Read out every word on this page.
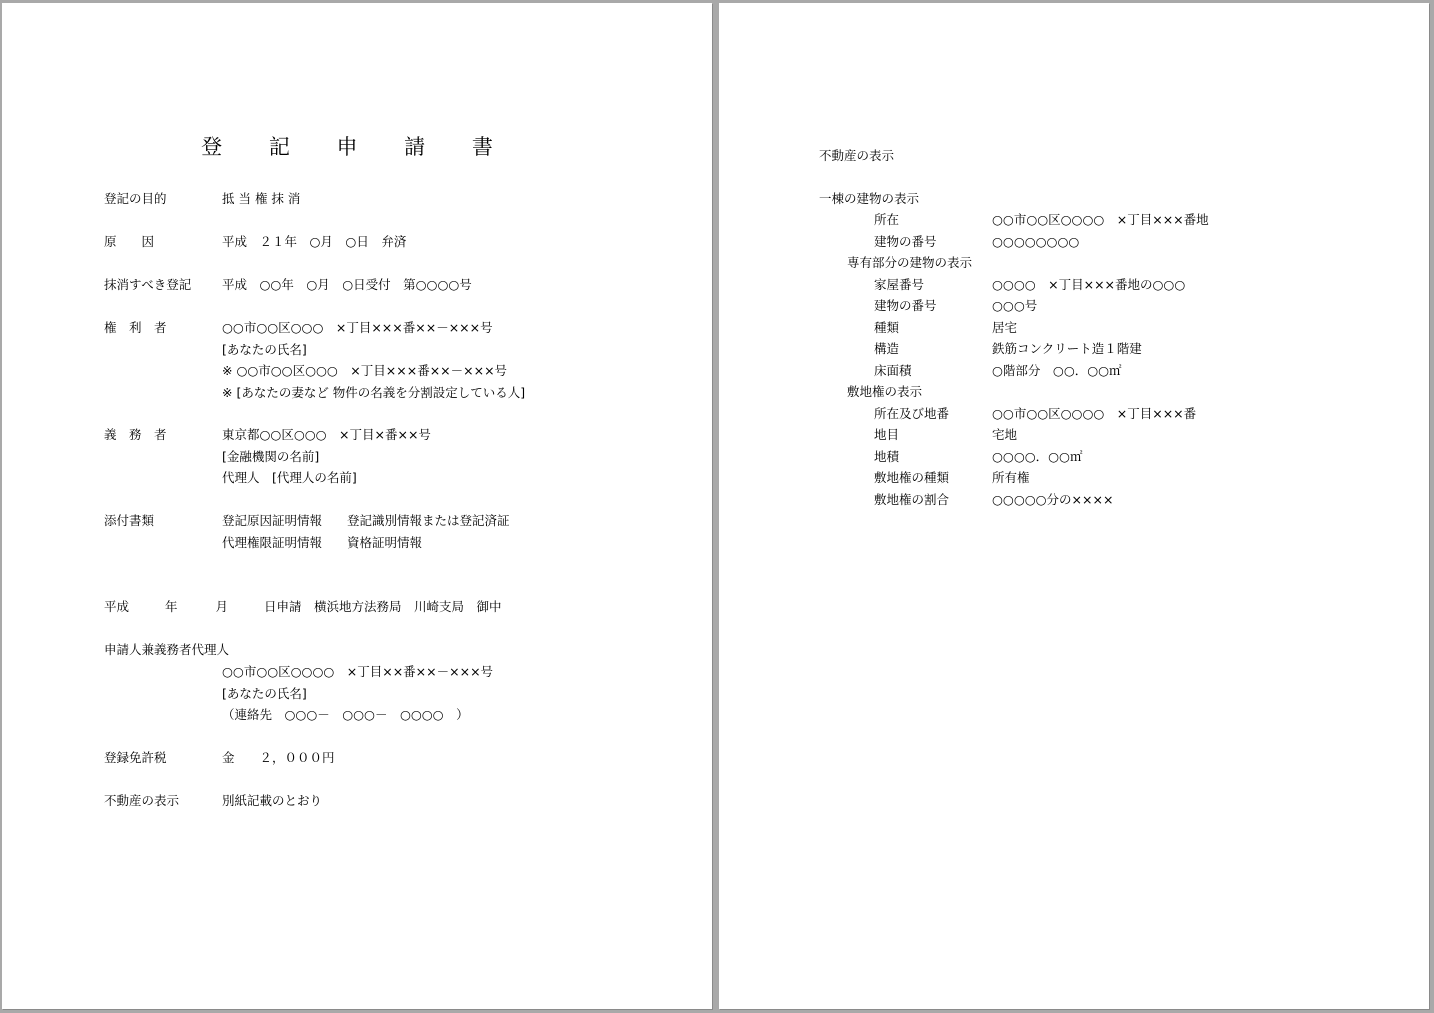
登 記 申 請 書
登記の目的	抵 当 権 抹 消
原　　因	平成　２１年　○月　○日　弁済
抹消すべき登記 平成　○○年　○月　○日受付　第○○○○号
権　利　者	○○市○○区○○○　×丁目×××番××－×××号
[あなたの氏名]
※ ○○市○○区○○○　×丁目×××番××－×××号
※ [あなたの妻など 物件の名義を分割設定している人]
義　務　者	東京都○○区○○○　×丁目×番××号
[金融機関の名前]
代理人　[代理人の名前]
添付書類	登記原因証明情報　　登記識別情報または登記済証
代理権限証明情報　　資格証明情報
平成	年	月	日申請　横浜地方法務局　川崎支局　御中
申請人兼義務者代理人
○○市○○区○○○○　×丁目××番××－×××号
[あなたの氏名]
（連絡先　○○○－　○○○－　○○○○　）
登録免許税	金　　２，０００円
不動産の表示	別紙記載のとおり
不動産の表示
一棟の建物の表示
所在	○○市○○区○○○○　×丁目×××番地
建物の番号	○○○○○○○○
専有部分の建物の表示
家屋番号	○○○○　×丁目×××番地の○○○
建物の番号	○○○号
種類	居宅
構造	鉄筋コンクリート造１階建
床面積	○階部分　○○．○○㎡
敷地権の表示
所在及び地番	○○市○○区○○○○　×丁目×××番
地目	宅地
地積	○○○○．○○㎡
敷地権の種類	所有権
敷地権の割合	○○○○○分の××××
